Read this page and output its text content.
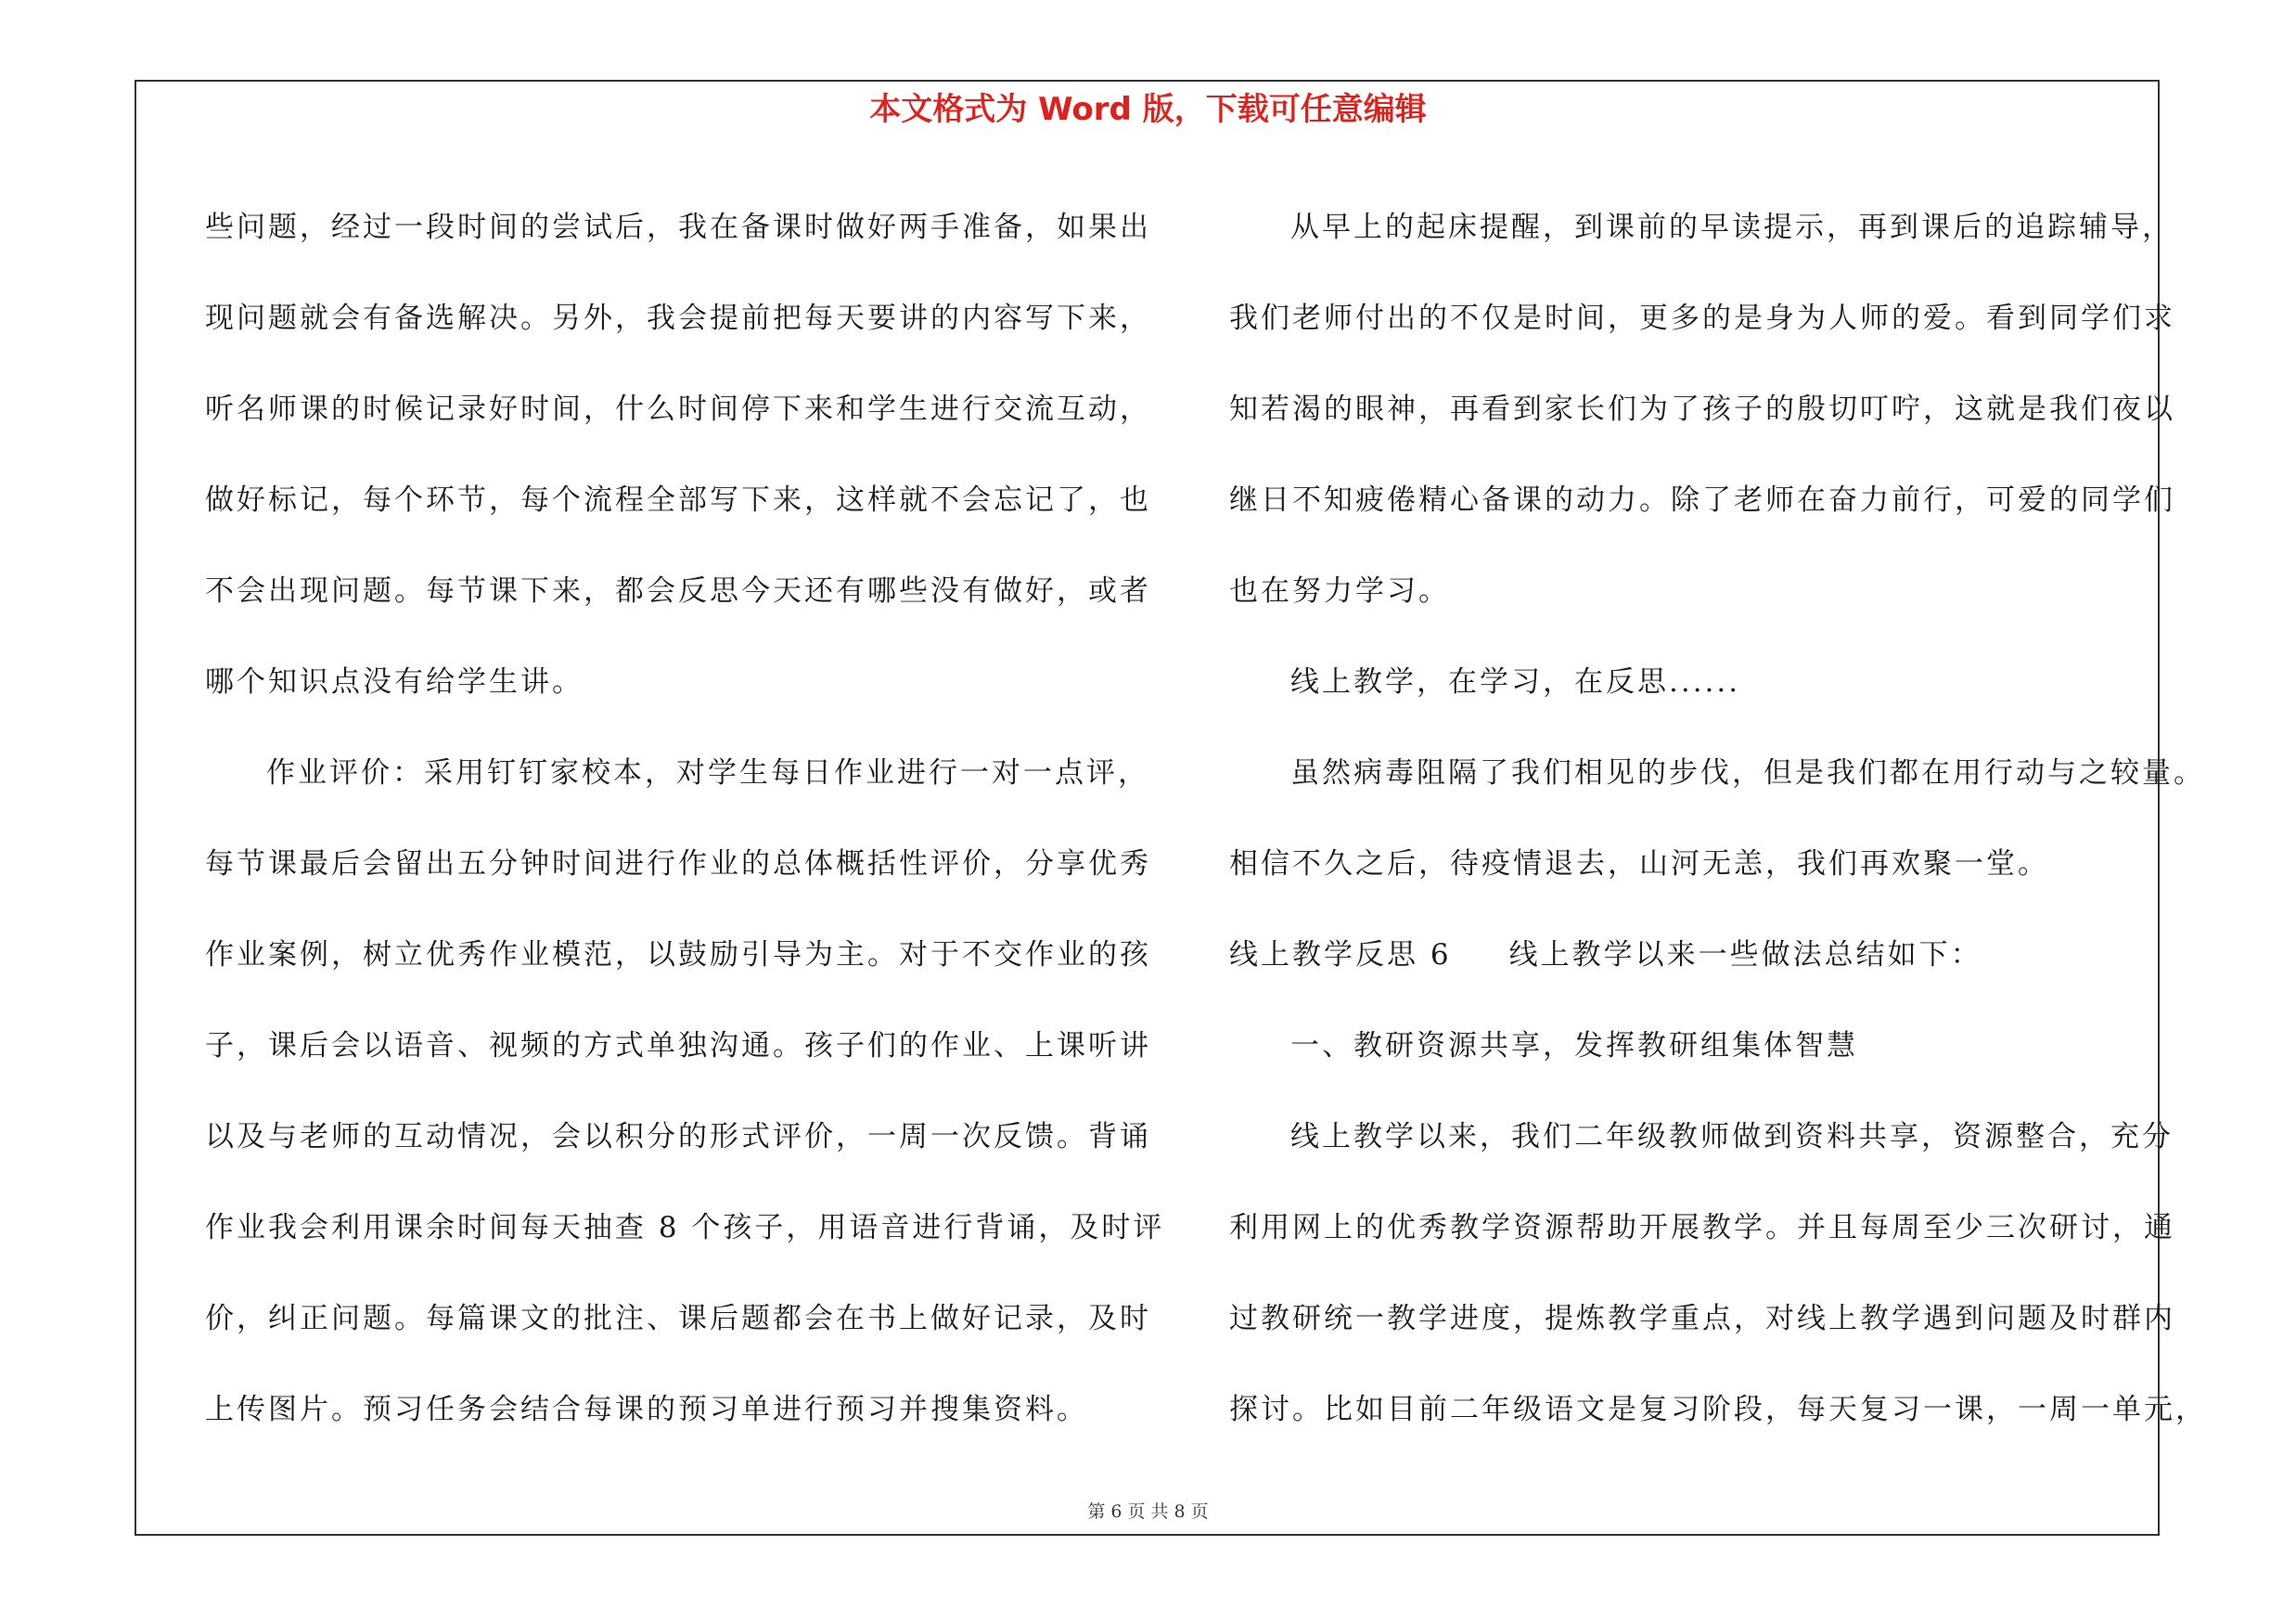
本文格式为 Word 版，下载可任意编辑
些问题，经过一段时间的尝试后，我在备课时做好两手准备，如果出
现问题就会有备选解决。另外，我会提前把每天要讲的内容写下来，
听名师课的时候记录好时间，什么时间停下来和学生进行交流互动，
做好标记，每个环节，每个流程全部写下来，这样就不会忘记了，也
不会出现问题。每节课下来，都会反思今天还有哪些没有做好，或者
哪个知识点没有给学生讲。
作业评价：采用钉钉家校本，对学生每日作业进行一对一点评，
每节课最后会留出五分钟时间进行作业的总体概括性评价，分享优秀
作业案例，树立优秀作业模范，以鼓励引导为主。对于不交作业的孩
子，课后会以语音、视频的方式单独沟通。孩子们的作业、上课听讲
以及与老师的互动情况，会以积分的形式评价，一周一次反馈。背诵
作业我会利用课余时间每天抽查 8 个孩子，用语音进行背诵，及时评
价，纠正问题。每篇课文的批注、课后题都会在书上做好记录，及时
上传图片。预习任务会结合每课的预习单进行预习并搜集资料。
从早上的起床提醒，到课前的早读提示，再到课后的追踪辅导，
我们老师付出的不仅是时间，更多的是身为人师的爱。看到同学们求
知若渴的眼神，再看到家长们为了孩子的殷切叮咛，这就是我们夜以
继日不知疲倦精心备课的动力。除了老师在奋力前行，可爱的同学们
也在努力学习。
线上教学，在学习，在反思......
虽然病毒阻隔了我们相见的步伐，但是我们都在用行动与之较量。
相信不久之后，待疫情退去，山河无恙，我们再欢聚一堂。
线上教学反思 6 线上教学以来一些做法总结如下：
一、教研资源共享，发挥教研组集体智慧
线上教学以来，我们二年级教师做到资料共享，资源整合，充分
利用网上的优秀教学资源帮助开展教学。并且每周至少三次研讨，通
过教研统一教学进度，提炼教学重点，对线上教学遇到问题及时群内
探讨。比如目前二年级语文是复习阶段，每天复习一课，一周一单元，
第 6 页 共 8 页
